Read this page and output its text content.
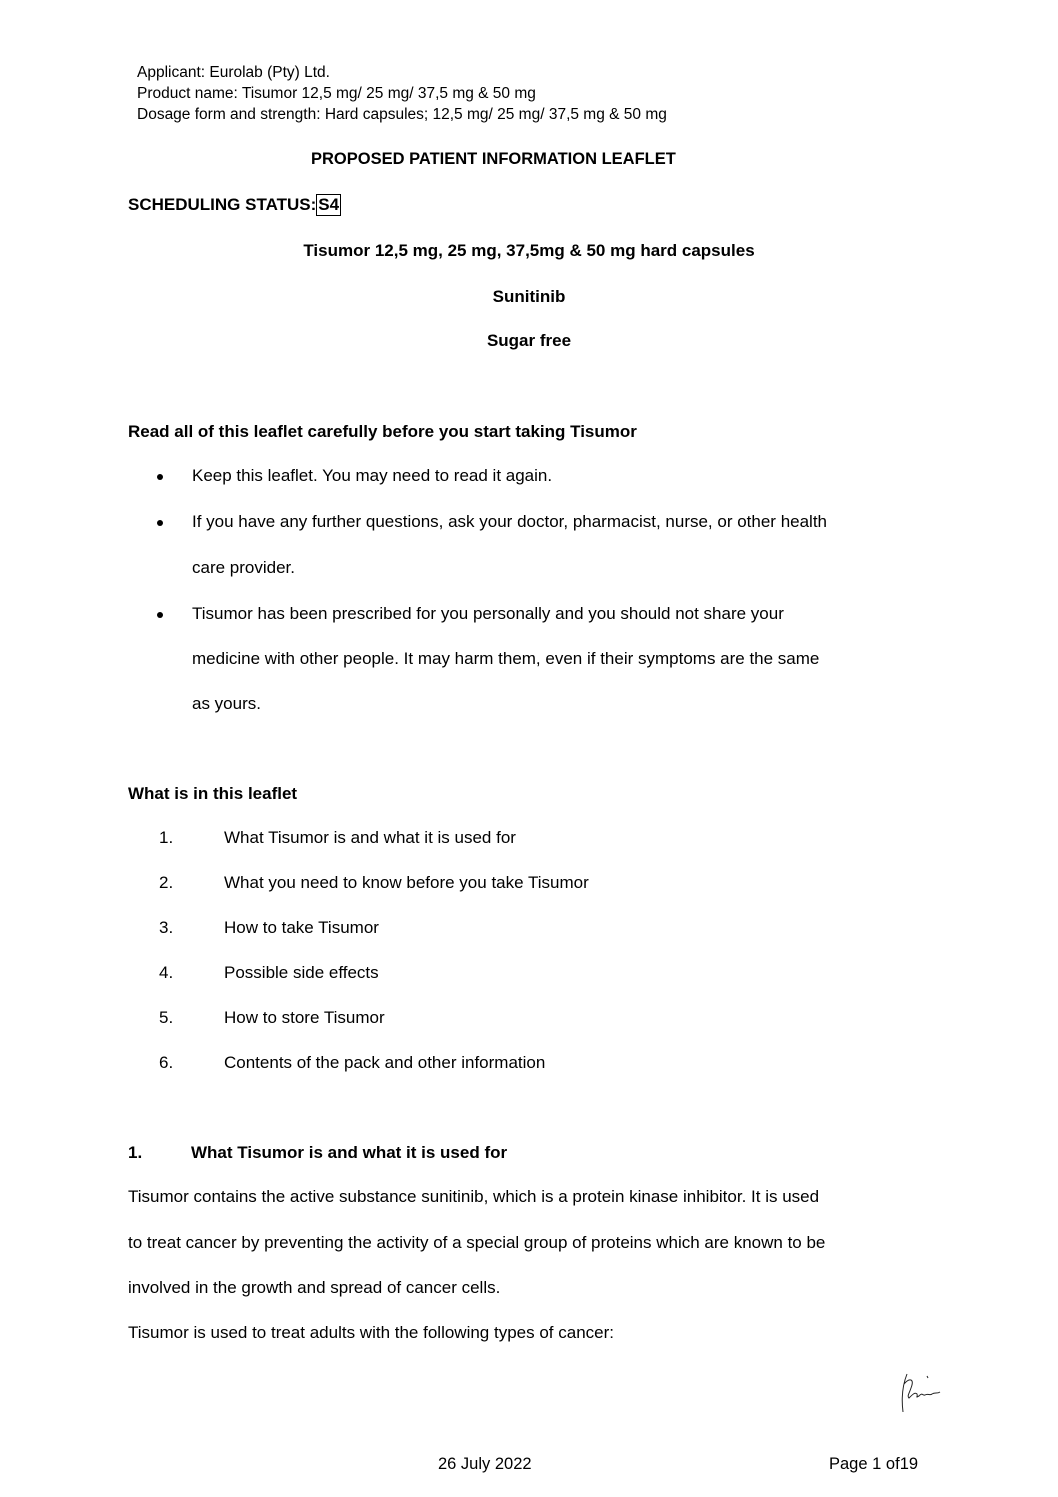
Applicant: Eurolab (Pty) Ltd.
Product name: Tisumor 12,5 mg/ 25 mg/ 37,5 mg & 50 mg
Dosage form and strength: Hard capsules; 12,5 mg/ 25 mg/ 37,5 mg & 50 mg
PROPOSED PATIENT INFORMATION LEAFLET
SCHEDULING STATUS: S4
Tisumor 12,5 mg, 25 mg, 37,5mg & 50 mg hard capsules
Sunitinib
Sugar free
Read all of this leaflet carefully before you start taking Tisumor
Keep this leaflet. You may need to read it again.
If you have any further questions, ask your doctor, pharmacist, nurse, or other health
care provider.
Tisumor has been prescribed for you personally and you should not share your
medicine with other people. It may harm them, even if their symptoms are the same
as yours.
What is in this leaflet
1.	What Tisumor is and what it is used for
2.	What you need to know before you take Tisumor
3.	How to take Tisumor
4.	Possible side effects
5.	How to store Tisumor
6.	Contents of the pack and other information
1.	What Tisumor is and what it is used for
Tisumor contains the active substance sunitinib, which is a protein kinase inhibitor. It is used
to treat cancer by preventing the activity of a special group of proteins which are known to be
involved in the growth and spread of cancer cells.
Tisumor is used to treat adults with the following types of cancer:
26 July 2022	Page 1 of19
